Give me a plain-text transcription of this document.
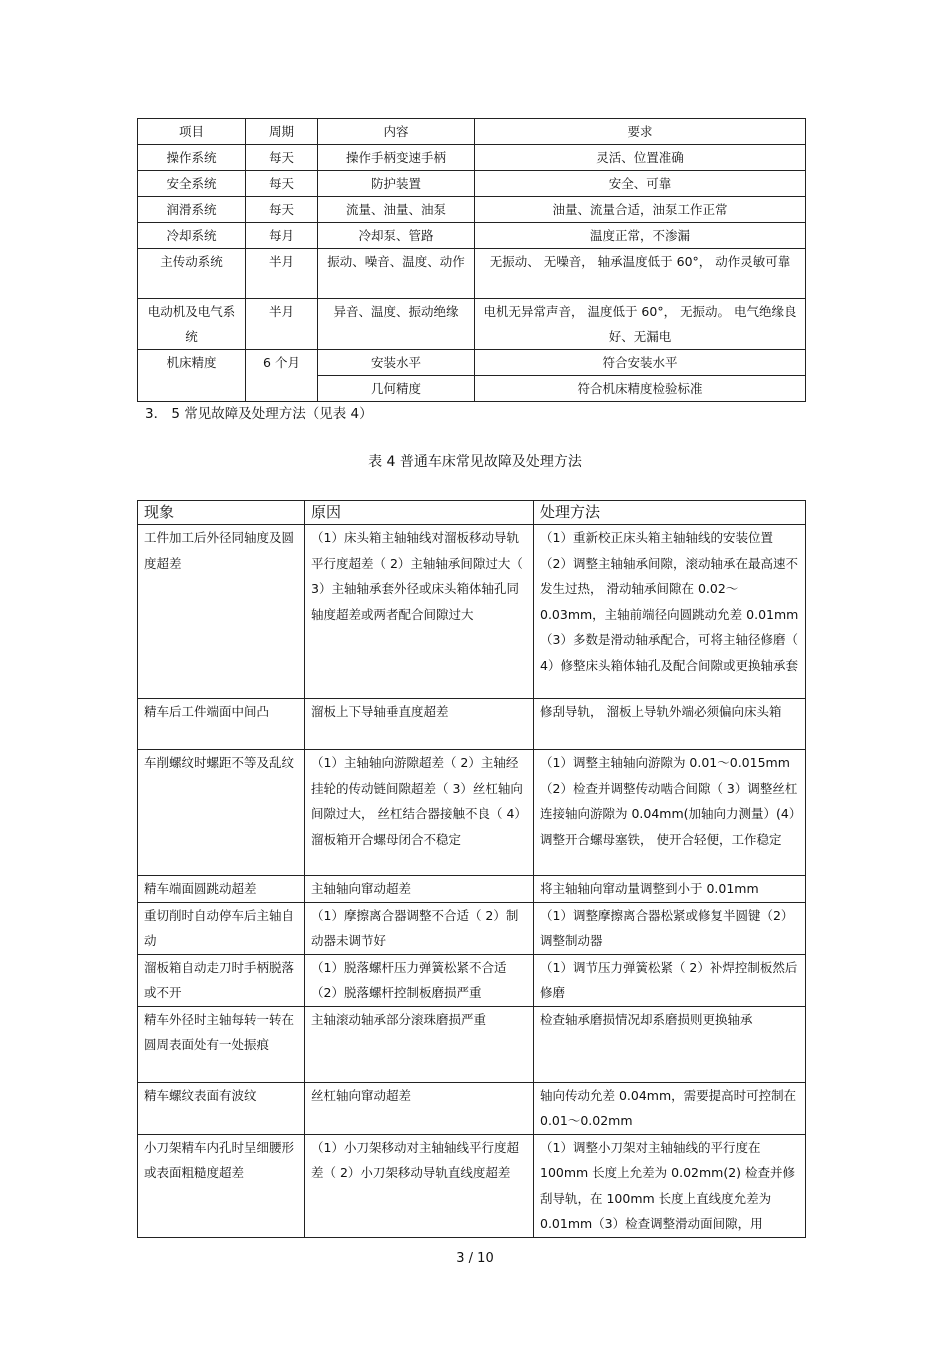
项目	周期	内容	要求
操作系统	每天	操作手柄变速手柄	灵活、位置准确
安全系统	每天	防护装置	安全、可靠
润滑系统	每天	流量、油量、油泵	油量、流量合适，油泵工作正常
冷却系统	每月	冷却泵、管路	温度正常，不渗漏
主传动系统	半月	振动、噪音、温度、动作	无振动、 无噪音， 轴承温度低于 60°， 动作灵敏可靠
电动机及电气系统	半月	异音、温度、振动绝缘	电机无异常声音， 温度低于 60°， 无振动。 电气绝缘良好、无漏电
机床精度	6 个月	安装水平	符合安装水平
		几何精度	符合机床精度检验标准
3． 5 常见故障及处理方法（见表 4）
表 4 普通车床常见故障及处理方法
现象	原因	处理方法
工件加工后外径同轴度及圆度超差	（1）床头箱主轴轴线对溜板移动导轨平行度超差（ 2）主轴轴承间隙过大（ 3）主轴轴承套外径或床头箱体轴孔同轴度超差或两者配合间隙过大	（1）重新校正床头箱主轴轴线的安装位置（2）调整主轴轴承间隙，滚动轴承在最高速不发生过热， 滑动轴承间隙在 0.02～0.03mm，主轴前端径向圆跳动允差 0.01mm（3）多数是滑动轴承配合，可将主轴径修磨（ 4）修整床头箱体轴孔及配合间隙或更换轴承套
精车后工件端面中间凸	溜板上下导轴垂直度超差	修刮导轨， 溜板上导轨外端必须偏向床头箱
车削螺纹时螺距不等及乱纹	（1）主轴轴向游隙超差（ 2）主轴经挂轮的传动链间隙超差（ 3）丝杠轴向间隙过大， 丝杠结合器接触不良（ 4）溜板箱开合螺母闭合不稳定	（1）调整主轴轴向游隙为 0.01～0.015mm（2）检查并调整传动啮合间隙（ 3）调整丝杠连接轴向游隙为 0.04mm(加轴向力测量）(4）调整开合螺母塞铁， 使开合轻便，工作稳定
精车端面圆跳动超差	主轴轴向窜动超差	将主轴轴向窜动量调整到小于 0.01mm
重切削时自动停车后主轴自动	（1）摩擦离合器调整不合适（ 2）制动器未调节好	（1）调整摩擦离合器松紧或修复半圆键（2）调整制动器
溜板箱自动走刀时手柄脱落或不开	（1）脱落螺杆压力弹簧松紧不合适（2）脱落螺杆控制板磨损严重	（1）调节压力弹簧松紧（ 2）补焊控制板然后修磨
精车外径时主轴每转一转在圆周表面处有一处振痕	主轴滚动轴承部分滚珠磨损严重	检查轴承磨损情况却系磨损则更换轴承
精车螺纹表面有波纹	丝杠轴向窜动超差	轴向传动允差 0.04mm，需要提高时可控制在 0.01～0.02mm
小刀架精车内孔时呈细腰形或表面粗糙度超差	（1）小刀架移动对主轴轴线平行度超差（ 2）小刀架移动导轨直线度超差	（1）调整小刀架对主轴轴线的平行度在 100mm 长度上允差为 0.02mm(2) 检查并修刮导轨，在 100mm 长度上直线度允差为 0.01mm（3）检查调整滑动面间隙，用
3 / 10
